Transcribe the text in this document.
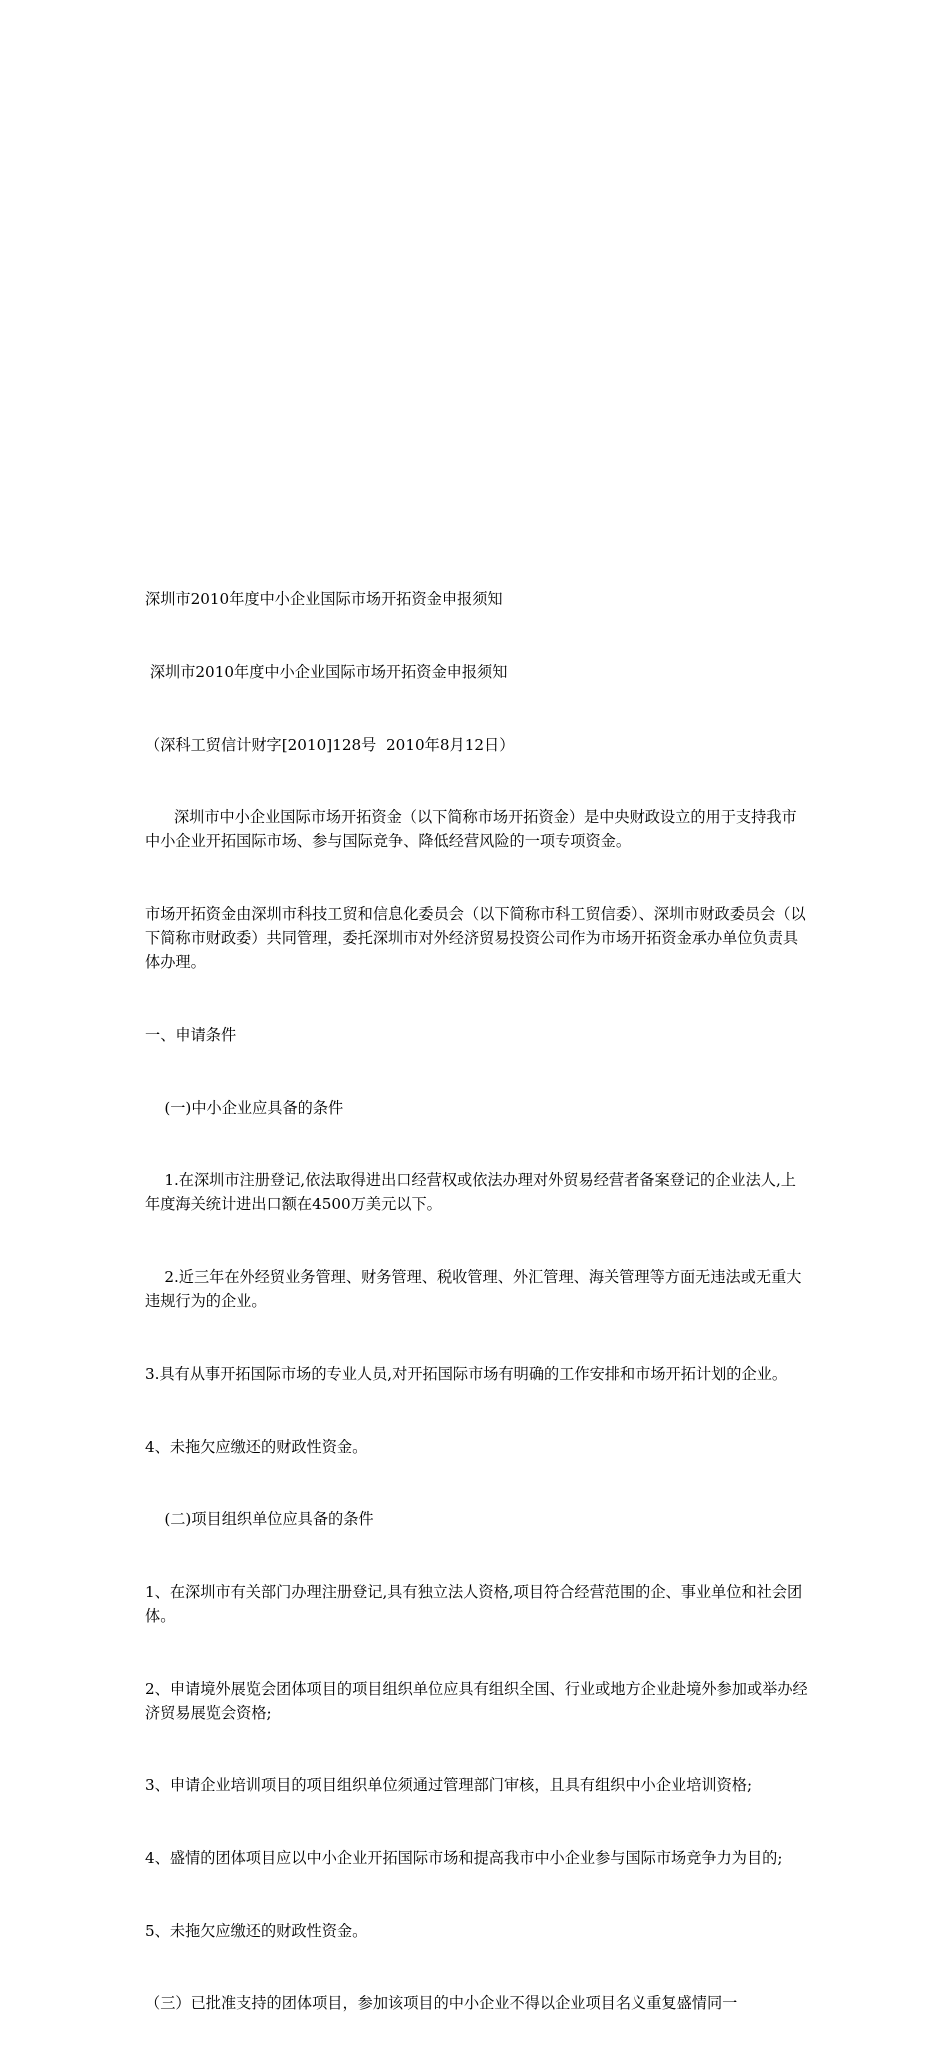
深圳市2010年度中小企业国际市场开拓资金申报须知

深圳市2010年度中小企业国际市场开拓资金申报须知

（深科工贸信计财字[2010]128号  2010年8月12日）

深圳市中小企业国际市场开拓资金（以下简称市场开拓资金）是中央财政设立的用于支持我市中小企业开拓国际市场、参与国际竞争、降低经营风险的一项专项资金。

市场开拓资金由深圳市科技工贸和信息化委员会（以下简称市科工贸信委）、深圳市财政委员会（以下简称市财政委）共同管理，委托深圳市对外经济贸易投资公司作为市场开拓资金承办单位负责具体办理。

一、申请条件

(一)中小企业应具备的条件

1.在深圳市注册登记,依法取得进出口经营权或依法办理对外贸易经营者备案登记的企业法人,上年度海关统计进出口额在4500万美元以下。

2.近三年在外经贸业务管理、财务管理、税收管理、外汇管理、海关管理等方面无违法或无重大违规行为的企业。

3.具有从事开拓国际市场的专业人员,对开拓国际市场有明确的工作安排和市场开拓计划的企业。

4、未拖欠应缴还的财政性资金。

(二)项目组织单位应具备的条件

1、在深圳市有关部门办理注册登记,具有独立法人资格,项目符合经营范围的企、事业单位和社会团体。

2、申请境外展览会团体项目的项目组织单位应具有组织全国、行业或地方企业赴境外参加或举办经济贸易展览会资格;

3、申请企业培训项目的项目组织单位须通过管理部门审核，且具有组织中小企业培训资格;

4、盛情的团体项目应以中小企业开拓国际市场和提高我市中小企业参与国际市场竞争力为目的;

5、未拖欠应缴还的财政性资金。

（三）已批准支持的团体项目，参加该项目的中小企业不得以企业项目名义重复盛情同一
